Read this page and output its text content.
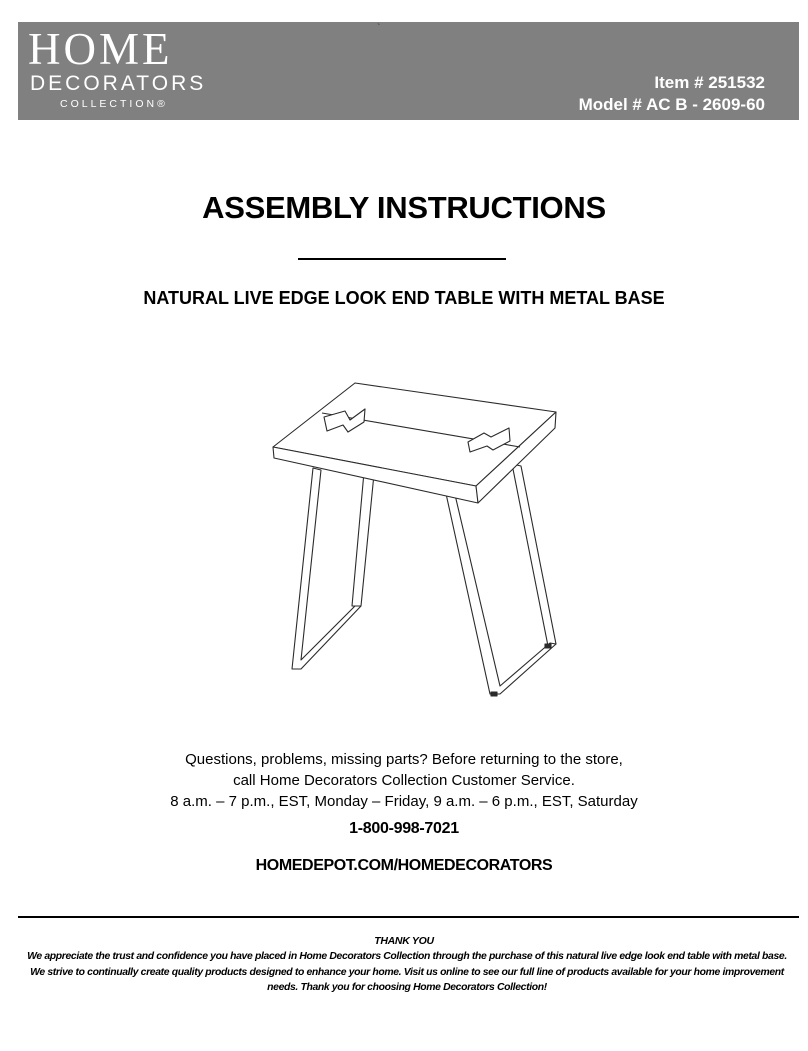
HOME
DECORATORS
COLLECTION®
Item # 251532
Model # AC B - 2609-60
`
ASSEMBLY INSTRUCTIONS
NATURAL LIVE EDGE LOOK END TABLE WITH METAL BASE
Questions, problems, missing parts? Before returning to the store,
call Home Decorators Collection Customer Service.
8 a.m. – 7 p.m., EST, Monday – Friday, 9 a.m. – 6 p.m., EST, Saturday
1-800-998-7021
HOMEDEPOT.COM/HOMEDECORATORS
THANK YOU
We appreciate the trust and confidence you have placed in Home Decorators Collection through the purchase of this natural live edge look end table with metal base. We strive to continually create quality products designed to enhance your home. Visit us online to see our full line of products available for your home improvement needs. Thank you for choosing Home Decorators Collection!
